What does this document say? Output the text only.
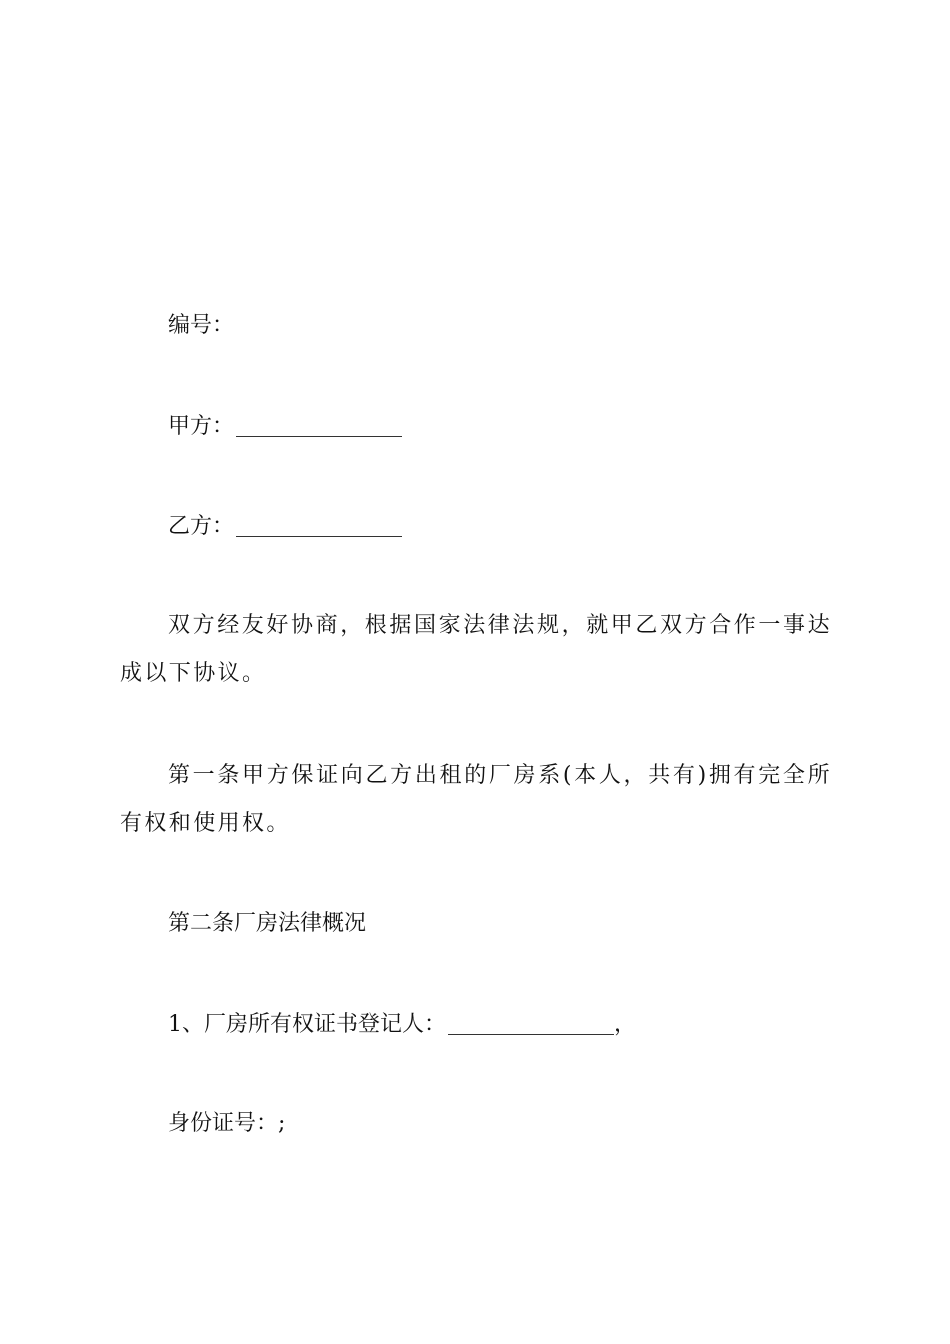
编号：
甲方：
乙方：
双方经友好协商，根据国家法律法规，就甲乙双方合作一事达成以下协议。
第一条甲方保证向乙方出租的厂房系(本人，共有)拥有完全所有权和使用权。
第二条厂房法律概况
1、厂房所有权证书登记人：	，
身份证号：;
